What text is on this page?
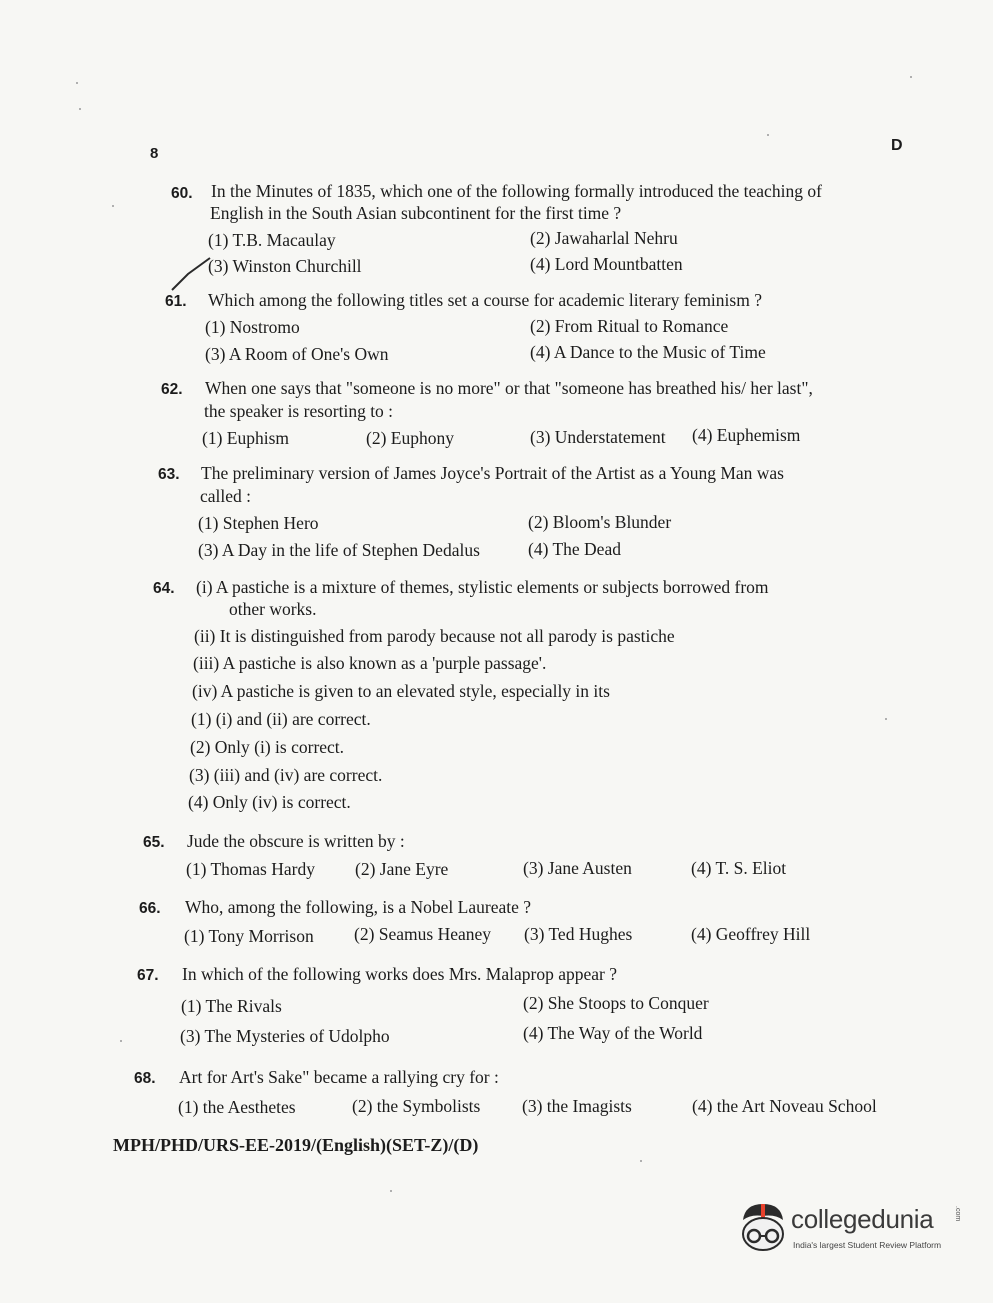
8	D
60. In the Minutes of 1835, which one of the following formally introduced the teaching of
English in the South Asian subcontinent for the first time ?
(1) T.B. Macaulay	(2) Jawaharlal Nehru
(3) Winston Churchill	(4) Lord Mountbatten
61. Which among the following titles set a course for academic literary feminism ?
(1) Nostromo	(2) From Ritual to Romance
(3) A Room of One's Own	(4) A Dance to the Music of Time
62. When one says that "someone is no more" or that "someone has breathed his/ her last",
the speaker is resorting to :
(1) Euphism	(2) Euphony	(3) Understatement (4) Euphemism
63. The preliminary version of James Joyce's Portrait of the Artist as a Young Man was
called :
(1) Stephen Hero	(2) Bloom's Blunder
(3) A Day in the life of Stephen Dedalus	(4) The Dead
64. (i) A pastiche is a mixture of themes, stylistic elements or subjects borrowed from
other works.
(ii) It is distinguished from parody because not all parody is pastiche
(iii) A pastiche is also known as a 'purple passage'.
(iv) A pastiche is given to an elevated style, especially in its
(1) (i) and (ii) are correct.
(2) Only (i) is correct.
(3) (iii) and (iv) are correct.
(4) Only (iv) is correct.
65. Jude the obscure is written by :
(1) Thomas Hardy (2) Jane Eyre	(3) Jane Austen	(4) T. S. Eliot
66. Who, among the following, is a Nobel Laureate ?
(1) Tony Morrison (2) Seamus Heaney (3) Ted Hughes	(4) Geoffrey Hill
67. In which of the following works does Mrs. Malaprop appear ?
(1) The Rivals	(2) She Stoops to Conquer
(3) The Mysteries of Udolpho	(4) The Way of the World
68. Art for Art's Sake" became a rallying cry for :
(1) the Aesthetes	(2) the Symbolists (3) the Imagists	(4) the Art Noveau School
MPH/PHD/URS-EE-2019/(English)(SET-Z)/(D)
collegedunia	.com
India's largest Student Review Platform
